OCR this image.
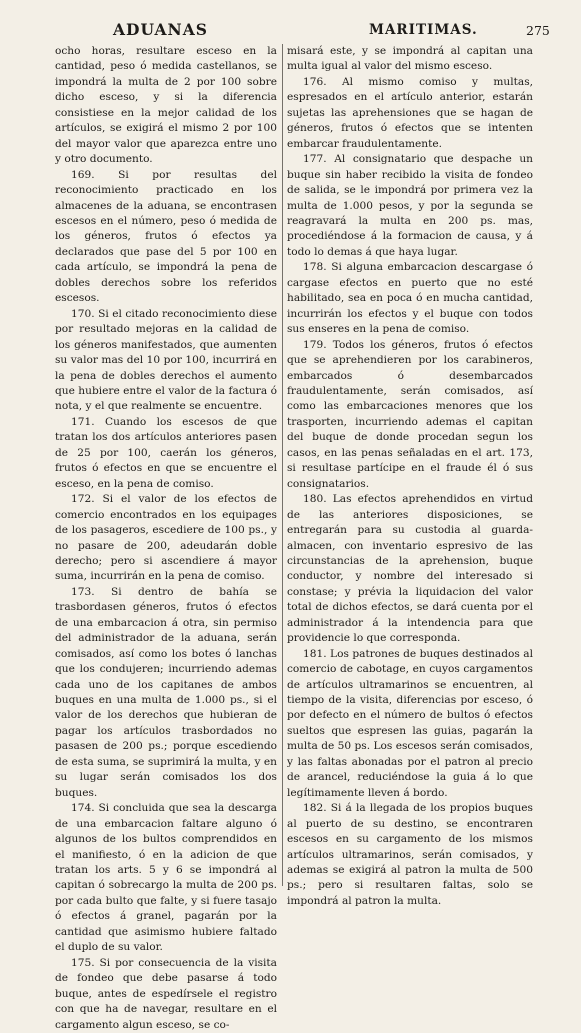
ADUANAS	MARITIMAS.	275

ocho horas, resultare esceso en la cantidad, peso ó medida castellanos, se impondrá la multa de 2 por 100 sobre dicho esceso, y si la diferencia consistiese en la mejor calidad de los artículos, se exigirá el mismo 2 por 100 del mayor valor que aparezca entre uno y otro documento.

169. Si por resultas del reconocimiento practicado en los almacenes de la aduana, se encontrasen escesos en el número, peso ó medida de los géneros, frutos ó efectos ya declarados que pase del 5 por 100 en cada artículo, se impondrá la pena de dobles derechos sobre los referidos escesos.

170. Si el citado reconocimiento diese por resultado mejoras en la calidad de los géneros manifestados, que aumenten su valor mas del 10 por 100, incurrirá en la pena de dobles derechos el aumento que hubiere entre el valor de la factura ó nota, y el que realmente se encuentre.

171. Cuando los escesos de que tratan los dos artículos anteriores pasen de 25 por 100, caerán los géneros, frutos ó efectos en que se encuentre el esceso, en la pena de comiso.

172. Si el valor de los efectos de comercio encontrados en los equipages de los pasageros, escediere de 100 ps., y no pasare de 200, adeudarán doble derecho; pero si ascendiere á mayor suma, incurrirán en la pena de comiso.

173. Si dentro de bahía se trasbordasen géneros, frutos ó efectos de una embarcacion á otra, sin permiso del administrador de la aduana, serán comisados, así como los botes ó lanchas que los condujeren; incurriendo ademas cada uno de los capitanes de ambos buques en una multa de 1.000 ps., si el valor de los derechos que hubieran de pagar los artículos trasbordados no pasasen de 200 ps.; porque escediendo de esta suma, se suprimirá la multa, y en su lugar serán comisados los dos buques.

174. Si concluida que sea la descarga de una embarcacion faltare alguno ó algunos de los bultos comprendidos en el manifiesto, ó en la adicion de que tratan los arts. 5 y 6 se impondrá al capitan ó sobrecargo la multa de 200 ps. por cada bulto que falte, y si fuere tasajo ó efectos á granel, pagarán por la cantidad que asimismo hubiere faltado el duplo de su valor.

175. Si por consecuencia de la visita de fondeo que debe pasarse á todo buque, antes de espedírsele el registro con que ha de navegar, resultare en el cargamento algun esceso, se co-

misará este, y se impondrá al capitan una multa igual al valor del mismo esceso.

176. Al mismo comiso y multas, espresados en el artículo anterior, estarán sujetas las aprehensiones que se hagan de géneros, frutos ó efectos que se intenten embarcar fraudulentamente.

177. Al consignatario que despache un buque sin haber recibido la visita de fondeo de salida, se le impondrá por primera vez la multa de 1.000 pesos, y por la segunda se reagravará la multa en 200 ps. mas, procediéndose á la formacion de causa, y á todo lo demas á que haya lugar.

178. Si alguna embarcacion descargase ó cargase efectos en puerto que no esté habilitado, sea en poca ó en mucha cantidad, incurrirán los efectos y el buque con todos sus enseres en la pena de comiso.

179. Todos los géneros, frutos ó efectos que se aprehendieren por los carabineros, embarcados ó desembarcados fraudulentamente, serán comisados, así como las embarcaciones menores que los trasporten, incurriendo ademas el capitan del buque de donde procedan segun los casos, en las penas señaladas en el art. 173, si resultase partícipe en el fraude él ó sus consignatarios.

180. Las efectos aprehendidos en virtud de las anteriores disposiciones, se entregarán para su custodia al guarda-almacen, con inventario espresivo de las circunstancias de la aprehension, buque conductor, y nombre del interesado si constase; y prévia la liquidacion del valor total de dichos efectos, se dará cuenta por el administrador á la intendencia para que providencie lo que corresponda.

181. Los patrones de buques destinados al comercio de cabotage, en cuyos cargamentos de artículos ultramarinos se encuentren, al tiempo de la visita, diferencias por esceso, ó por defecto en el número de bultos ó efectos sueltos que espresen las guias, pagarán la multa de 50 ps. Los escesos serán comisados, y las faltas abonadas por el patron al precio de arancel, reduciéndose la guia á lo que legítimamente lleven á bordo.

182. Si á la llegada de los propios buques al puerto de su destino, se encontraren escesos en su cargamento de los mismos artículos ultramarinos, serán comisados, y ademas se exigirá al patron la multa de 500 ps.; pero si resultaren faltas, solo se impondrá al patron la multa.
